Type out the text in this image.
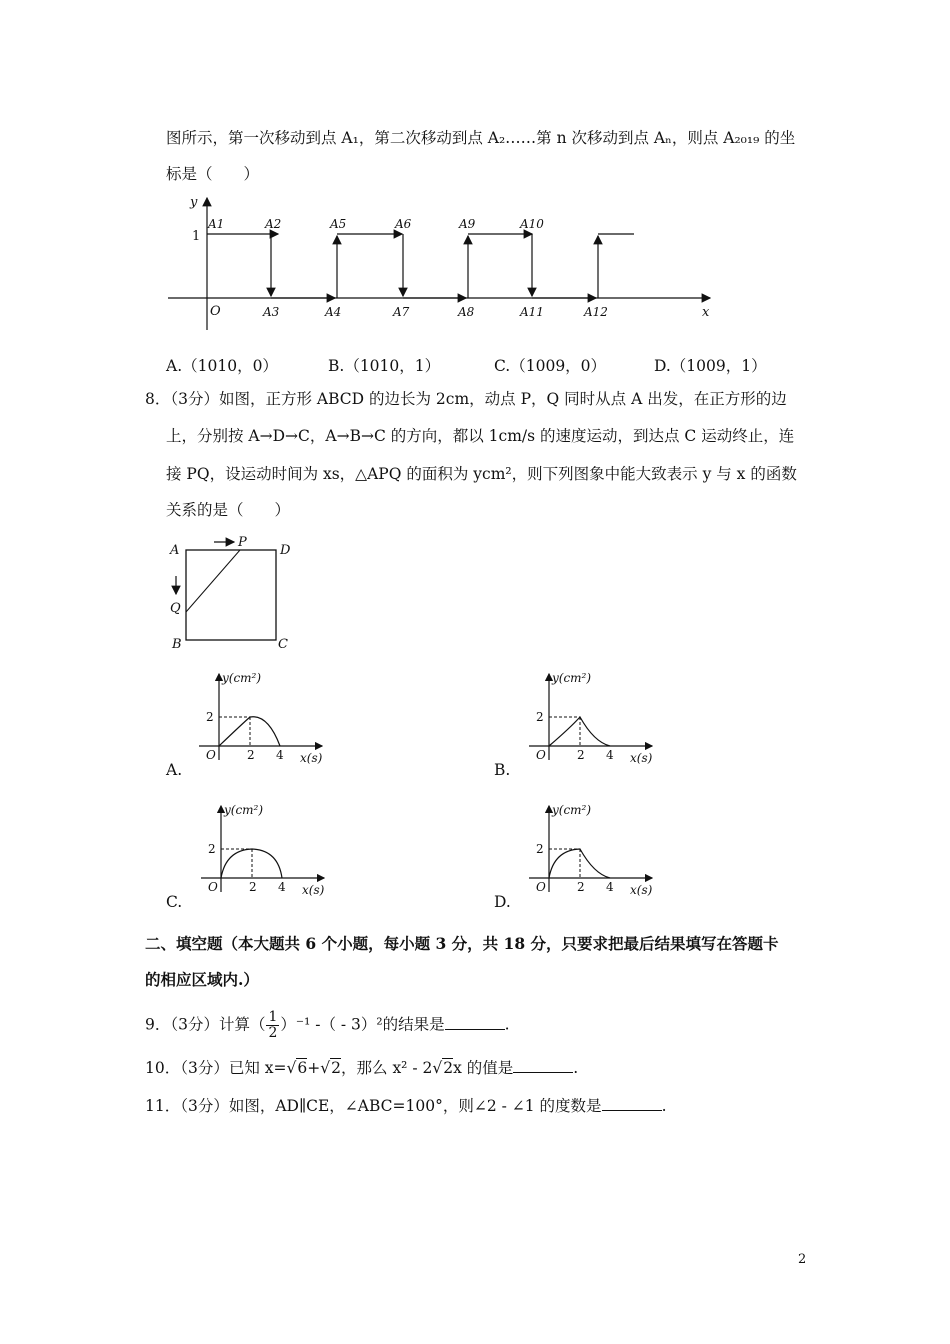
图所示，第一次移动到点 A₁，第二次移动到点 A₂……第 n 次移动到点 Aₙ，则点 A₂₀₁₉ 的坐
标是（　　）
y
x
1
O
A1	A2
A3	A4
A5	A6
A7	A8
A9	A10
A11	A12
A.（1010，0）	B.（1010，1）	C.（1009，0）	D.（1009，1）
8．（3分）如图，正方形 ABCD 的边长为 2cm，动点 P，Q 同时从点 A 出发，在正方形的边
上，分别按 A→D→C，A→B→C 的方向，都以 1cm/s 的速度运动，到达点 C 运动终止，连
接 PQ，设运动时间为 xs，△APQ 的面积为 ycm²，则下列图象中能大致表示 y 与 x 的函数
关系的是（　　）
A
P
D
Q
B	C
y(cm²)
2
O	2 4 x(s)
A.
y(cm²)
2
O	2 4 x(s)
B.
y(cm²)
2
O	2 4 x(s)
C.
y(cm²)
2
O	2 4 x(s)
D.
二、填空题（本大题共 6 个小题，每小题 3 分，共 18 分，只要求把最后结果填写在答题卡
的相应区域内.）
9．（3分）计算（ $\frac{1}{2} )^{-1}$ -（ - 3）²的结果是	.
10．（3分）已知 x=√6+√2，那么 x² - 2√2x 的值是	.
11．（3分）如图，AD∥CE，∠ABC=100°，则∠2 - ∠1 的度数是	.
2
